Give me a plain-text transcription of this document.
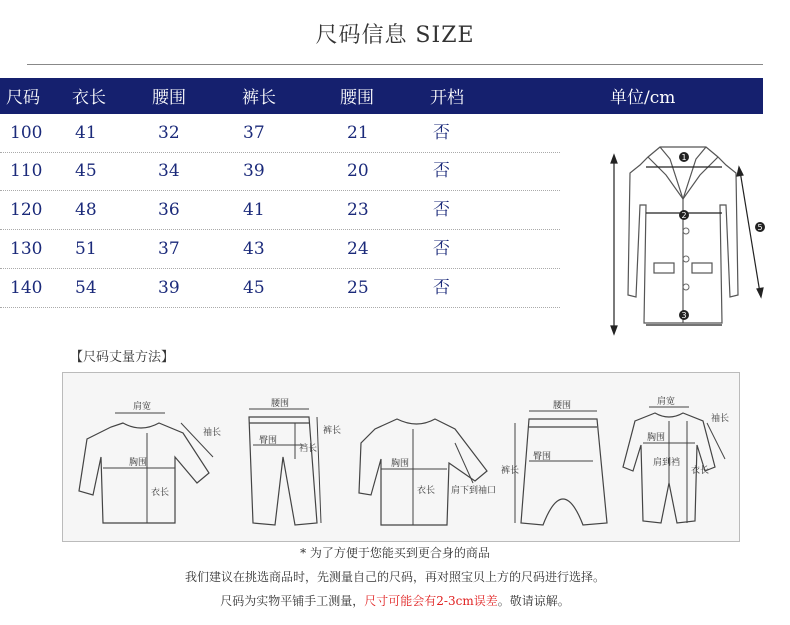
尺码信息 SIZE
尺码 衣长	腰围	裤长	腰围	开档	单位/cm
100 41	32	37	21	否
110 45	34	39	20	否
120 48	36	41	23	否
130 51	37	43	24	否
140 54	39	45	25	否
1
2
3
5
【尺码丈量方法】
肩宽
胸围
衣长
袖长
腰围
臀围
裆长
裤长
胸围
衣长 肩下到袖口
腰围
臀围
裤长
肩宽
胸围
肩到裆
衣长
袖长
* 为了方便于您能买到更合身的商品
我们建议在挑选商品时，先测量自己的尺码，再对照宝贝上方的尺码进行选择。
尺码为实物平铺手工测量，尺寸可能会有2-3cm误差。敬请谅解。
